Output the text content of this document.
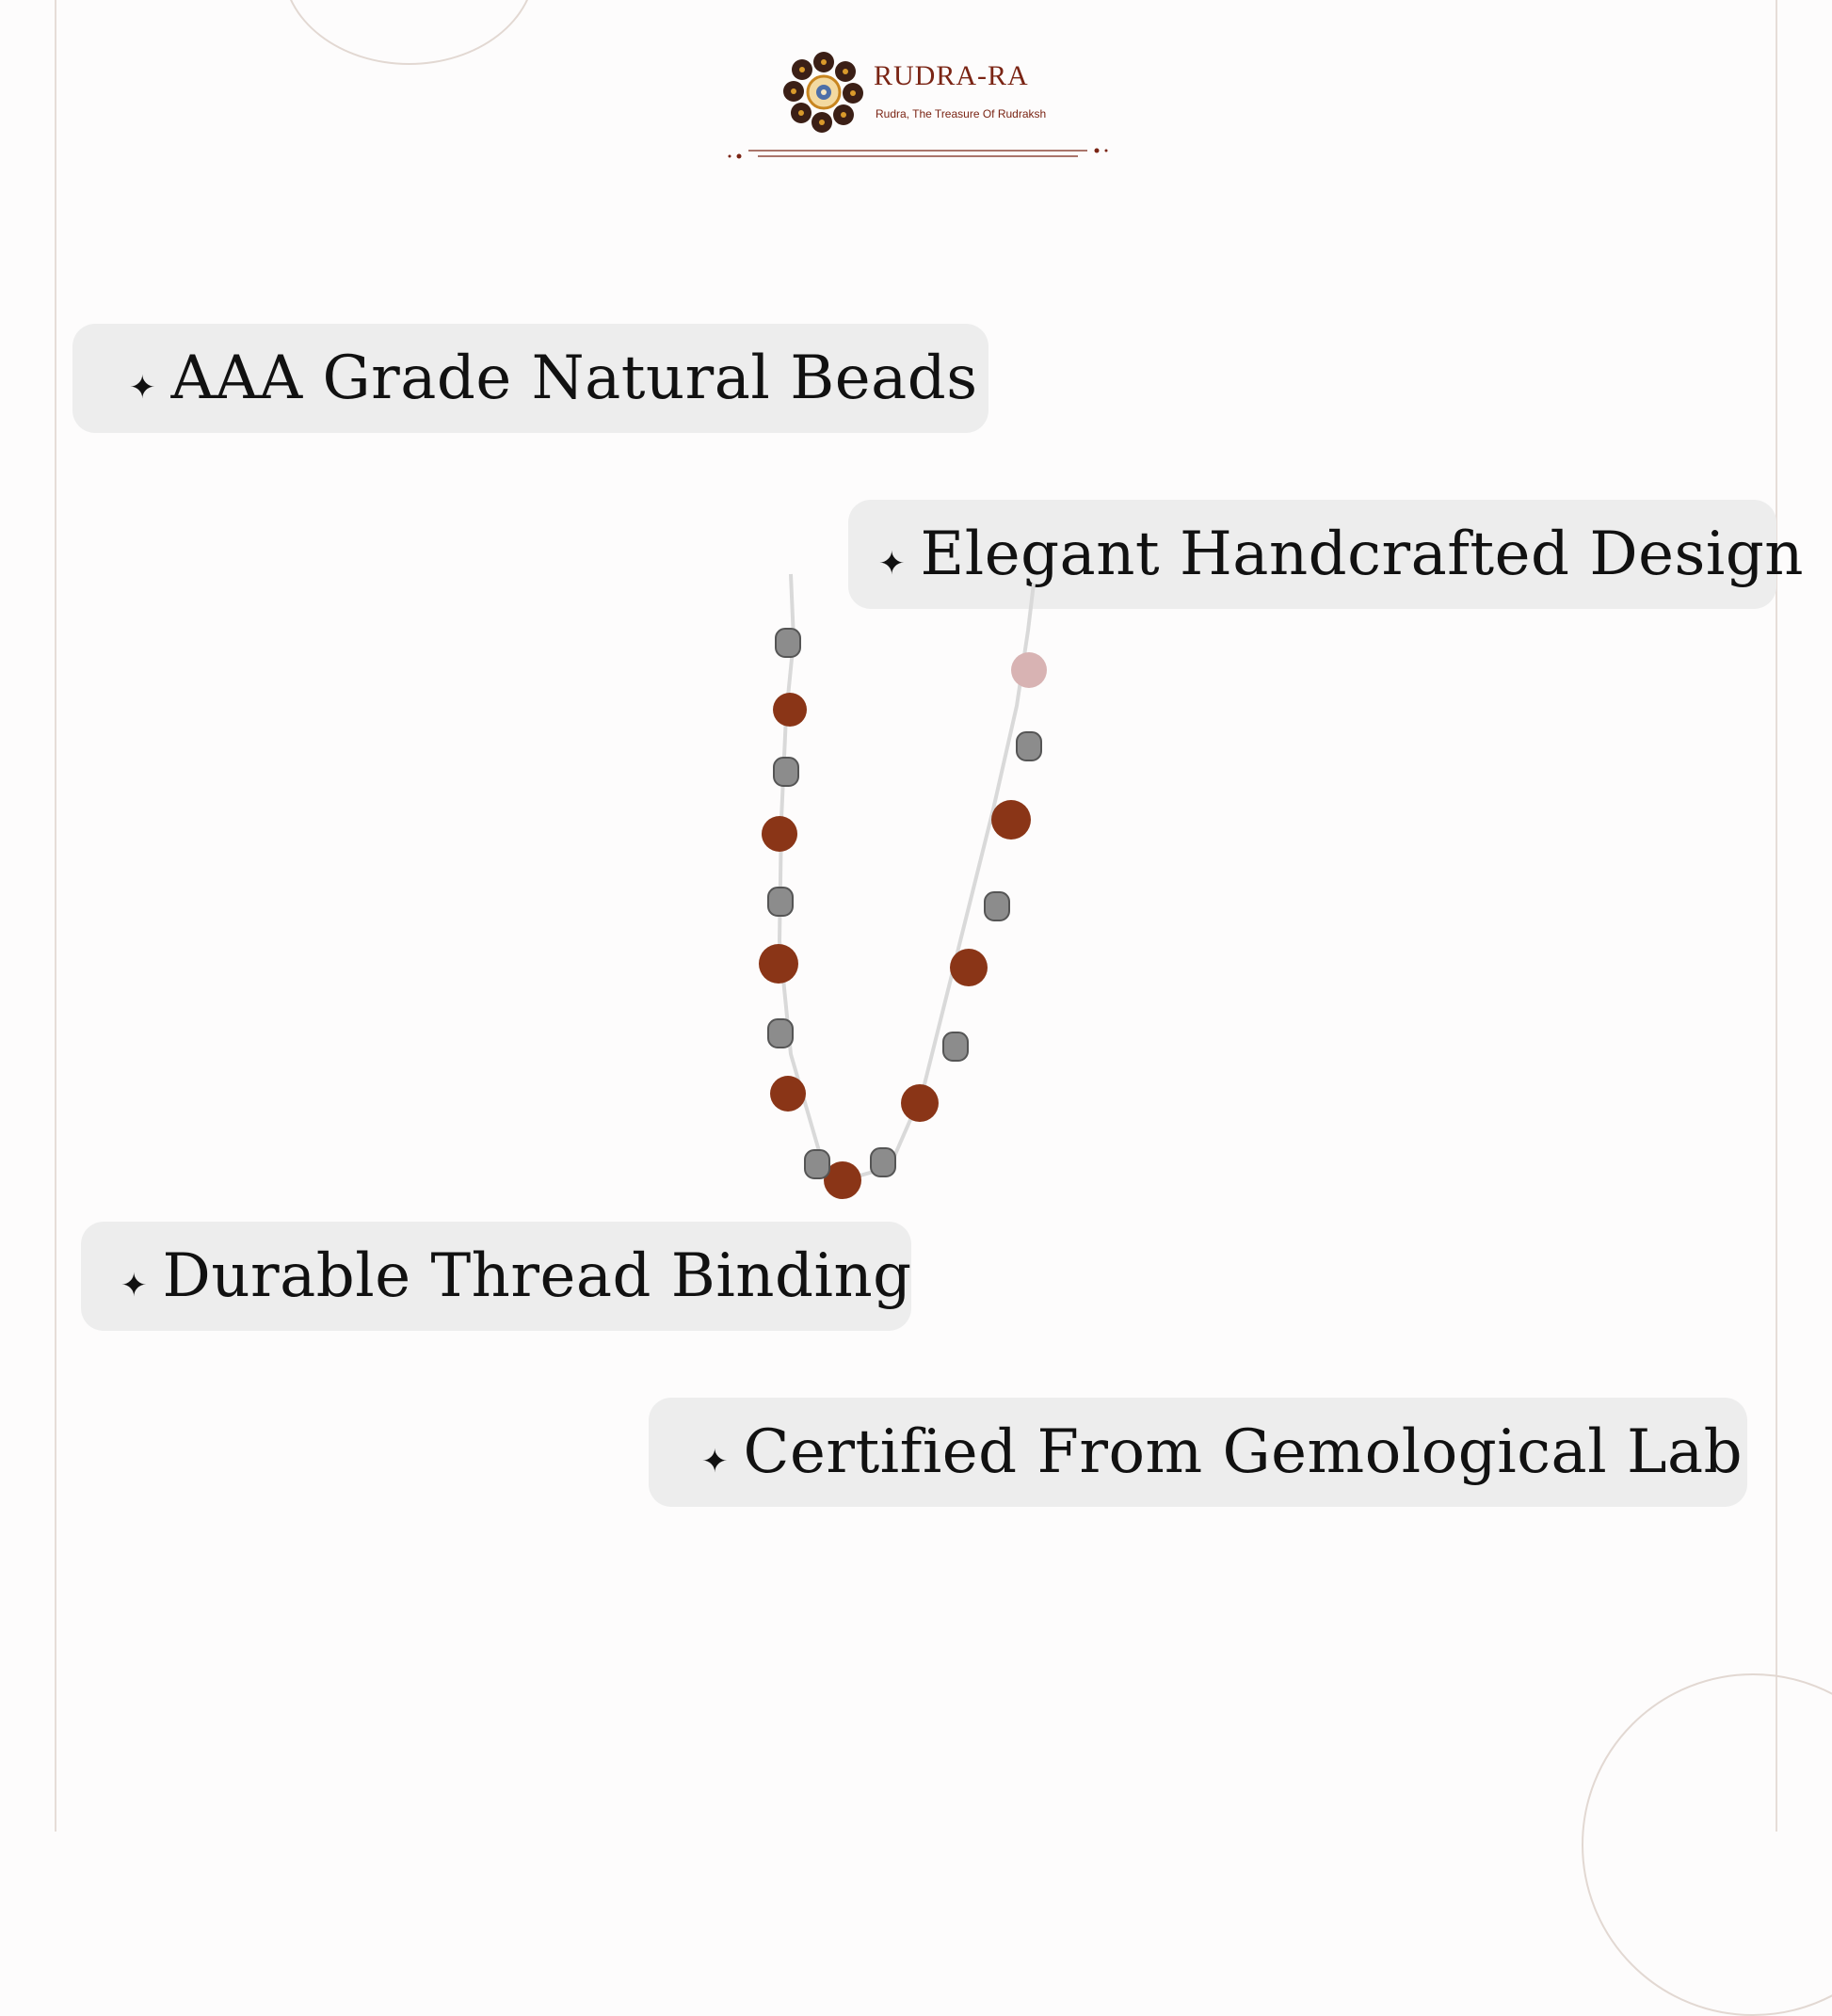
RUDRA-RA
Rudra, The Treasure Of Rudraksh
✦ AAA Grade Natural Beads
✦ Elegant Handcrafted Design
✦ Durable Thread Binding
✦ Certified From Gemological Lab
